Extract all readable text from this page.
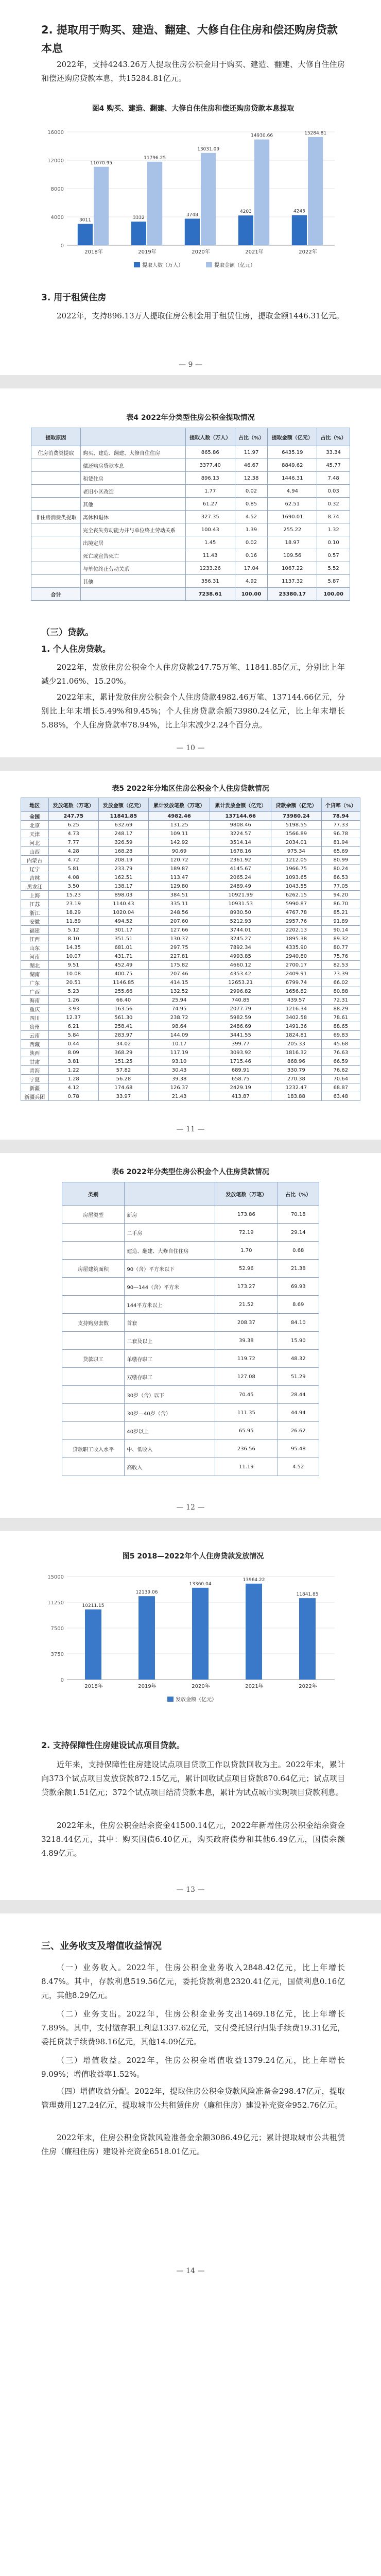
2. 提取用于购买、建造、翻建、大修自住住房和偿还购房贷款本息
2022年，支持4243.26万人提取住房公积金用于购买、建造、翻建、大修自住住房和偿还购房贷款本息，共15284.81亿元。
图4 购买、建造、翻建、大修自住住房和偿还购房贷款本息提取
0
4000
8000
12000
16000
3011
11070.95
2018年
3332
11796.25
2019年
3748
13031.09
2020年
4203
14930.66
2021年
4243
15284.81
2022年
提取人数（万人）	提取金额（亿元）
3. 用于租赁住房
2022年，支持896.13万人提取住房公积金用于租赁住房，提取金额1446.31亿元。
— 9 —
表4 2022年分类型住房公积金提取情况
提取原因		提取人数（万人）	占比（%）	提取金额（亿元）	占比（%）
住房消费类提取	购买、建造、翻建、大修自住住房	865.86	11.97	6435.19	33.34
	偿还购房贷款本息	3377.40	46.67	8849.62	45.77
	租赁住房	896.13	12.38	1446.31	7.48
	老旧小区改造	1.77	0.02	4.94	0.03
	其他	61.27	0.85	62.51	0.32
非住房消费类提取	离休和退休	327.35	4.52	1690.01	8.74
	完全丧失劳动能力并与单位终止劳动关系	100.43	1.39	255.22	1.32
	出境定居	1.45	0.02	18.97	0.10
	死亡或宣告死亡	11.43	0.16	109.56	0.57
	与单位终止劳动关系	1233.26	17.04	1067.22	5.52
	其他	356.31	4.92	1137.32	5.87
合计		7238.61	100.00	23380.17	100.00
（三）贷款。
1. 个人住房贷款。
2022年，发放住房公积金个人住房贷款247.75万笔、11841.85亿元，分别比上年减少21.06%、15.20%。
2022年末，累计发放住房公积金个人住房贷款4982.46万笔、137144.66亿元，分别比上年末增长5.49%和9.45%；个人住房贷款余额73980.24亿元，比上年末增长5.88%，个人住房贷款率78.94%，比上年末减少2.24个百分点。
— 10 —
表5 2022年分地区住房公积金个人住房贷款情况
地区	发放笔数（万笔）	发放金额（亿元）	累计发放笔数（万笔）	累计发放金额（亿元）	贷款余额（亿元）	个贷率（%）
全国	247.75	11841.85	4982.46	137144.66	73980.24	78.94
北京	6.25	632.69	131.25	9808.46	5198.55	77.33
天津	4.73	248.17	109.11	3224.57	1566.89	96.78
河北	7.77	326.59	142.92	3514.14	2034.01	81.94
山西	4.28	168.28	90.69	1678.16	975.34	65.69
内蒙古	4.72	208.19	120.72	2361.92	1212.05	80.99
辽宁	5.81	233.79	189.87	4145.67	1966.75	80.24
吉林	4.08	162.51	113.47	2065.24	1093.65	86.53
黑龙江	3.50	138.17	129.80	2489.49	1043.55	77.05
上海	15.23	898.03	384.51	10921.99	6262.15	94.20
江苏	23.19	1140.43	335.11	10931.53	5990.87	86.70
浙江	18.29	1020.04	248.56	8930.50	4767.78	85.21
安徽	11.89	494.52	207.60	5212.93	2957.76	91.89
福建	5.12	301.17	127.66	3744.01	2202.13	90.14
江西	8.10	351.51	130.37	3245.27	1895.38	89.32
山东	14.35	681.01	297.75	7892.34	4335.90	80.77
河南	10.07	431.71	227.81	4993.85	2940.80	75.76
湖北	9.51	452.49	175.82	4660.12	2700.17	82.53
湖南	10.08	400.75	207.46	4353.42	2409.91	73.39
广东	20.51	1146.85	414.15	12653.21	6799.74	66.02
广西	5.23	255.66	132.52	2996.82	1656.82	80.88
海南	1.26	66.40	25.94	740.85	439.57	72.31
重庆	3.93	163.56	74.95	2077.79	1216.34	88.29
四川	12.37	561.30	238.72	5982.59	3402.58	78.61
贵州	6.21	258.41	98.64	2486.69	1491.36	88.65
云南	5.84	283.97	144.09	3441.55	1824.81	69.83
西藏	0.44	34.02	10.17	399.77	205.33	45.68
陕西	8.09	368.29	117.19	3093.92	1816.32	76.63
甘肃	3.81	151.25	93.10	1715.46	868.96	66.59
青海	1.22	57.82	30.43	689.91	330.79	76.62
宁夏	1.28	56.28	39.38	658.75	270.38	70.64
新疆	4.12	174.68	126.37	2429.19	1232.47	68.87
新疆兵团	0.78	33.97	21.43	413.87	183.88	63.48
— 11 —
表6 2022年分类型住房公积金个人住房贷款情况
类别		发放笔数（万笔）	占比（%）
房屋类型	新房	173.86	70.18
	二手房	72.19	29.14
	建造、翻建、大修自住住房	1.70	0.68
房屋建筑面积	90（含）平方米以下	52.96	21.38
	90—144（含）平方米	173.27	69.93
	144平方米以上	21.52	8.69
支持购房套数	首套	208.37	84.10
	二套及以上	39.38	15.90
贷款职工	单缴存职工	119.72	48.32
	双缴存职工	127.08	51.29
	30岁（含）以下	70.45	28.44
	30岁—40岁（含）	111.35	44.94
	40岁以上	65.95	26.62
贷款职工收入水平	中、低收入	236.56	95.48
	高收入	11.19	4.52
— 12 —
图5 2018—2022年个人住房贷款发放情况
0
3750
7500
11250
15000
10211.15
2018年
12139.06
2019年
13360.04
2020年
13964.22
2021年
11841.85
2022年
发放金额（亿元）
2. 支持保障性住房建设试点项目贷款。
近年来，支持保障性住房建设试点项目贷款工作以贷款回收为主。2022年末，累计向373个试点项目发放贷款872.15亿元，累计回收试点项目贷款870.64亿元；试点项目贷款余额1.51亿元；372个试点项目结清贷款本息，累计为试点城市实现项目贷款利息。
2022年末，住房公积金结余资金41500.14亿元，2022年新增住房公积金结余资金3218.44亿元，其中：购买国债6.40亿元，购买政府债券和其他6.49亿元，国债余额4.89亿元。
— 13 —
三、业务收支及增值收益情况
（一）业务收入。2022年，住房公积金业务收入2848.42亿元，比上年增长8.47%。其中，存款利息519.56亿元，委托贷款利息2320.41亿元，国债利息0.16亿元，其他8.29亿元。
（二）业务支出。2022年，住房公积金业务支出1469.18亿元，比上年增长7.89%。其中，支付缴存职工利息1337.62亿元，支付受托银行归集手续费19.31亿元，委托贷款手续费98.16亿元，其他14.09亿元。
（三）增值收益。2022年，住房公积金增值收益1379.24亿元，比上年增长9.09%；增值收益率1.52%。
（四）增值收益分配。2022年，提取住房公积金贷款风险准备金298.47亿元，提取管理费用127.24亿元，提取城市公共租赁住房（廉租住房）建设补充资金952.76亿元。
2022年末，住房公积金贷款风险准备金余额3086.49亿元；累计提取城市公共租赁住房（廉租住房）建设补充资金6518.01亿元。
— 14 —
